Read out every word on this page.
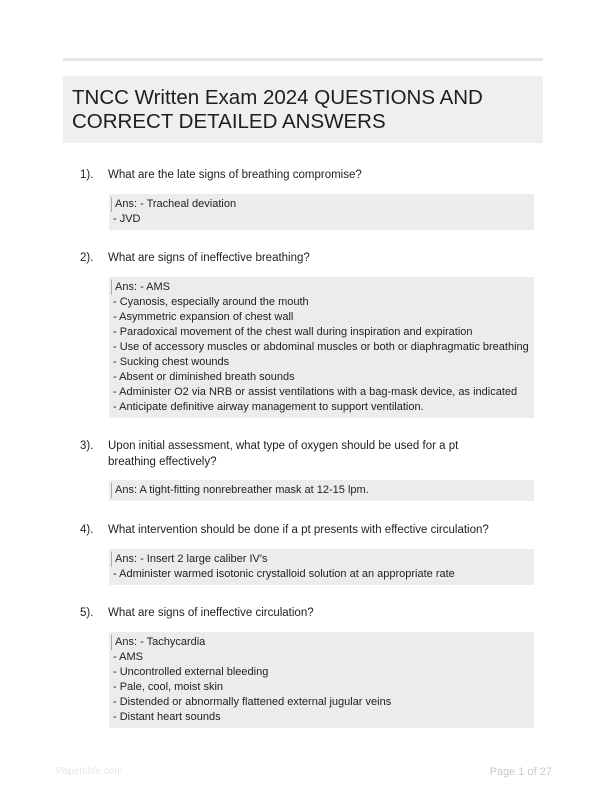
TNCC Written Exam 2024 QUESTIONS AND CORRECT DETAILED ANSWERS
1). What are the late signs of breathing compromise?
Ans: - Tracheal deviation
- JVD
2). What are signs of ineffective breathing?
Ans: - AMS
- Cyanosis, especially around the mouth
- Asymmetric expansion of chest wall
- Paradoxical movement of the chest wall during inspiration and expiration
- Use of accessory muscles or abdominal muscles or both or diaphragmatic breathing
- Sucking chest wounds
- Absent or diminished breath sounds
- Administer O2 via NRB or assist ventilations with a bag-mask device, as indicated
- Anticipate definitive airway management to support ventilation.
3). Upon initial assessment, what type of oxygen should be used for a pt breathing effectively?
Ans: A tight-fitting nonrebreather mask at 12-15 lpm.
4). What intervention should be done if a pt presents with effective circulation?
Ans: - Insert 2 large caliber IV's
- Administer warmed isotonic crystalloid solution at an appropriate rate
5). What are signs of ineffective circulation?
Ans: - Tachycardia
- AMS
- Uncontrolled external bleeding
- Pale, cool, moist skin
- Distended or abnormally flattened external jugular veins
- Distant heart sounds
Papertible.com	Page 1 of 27
